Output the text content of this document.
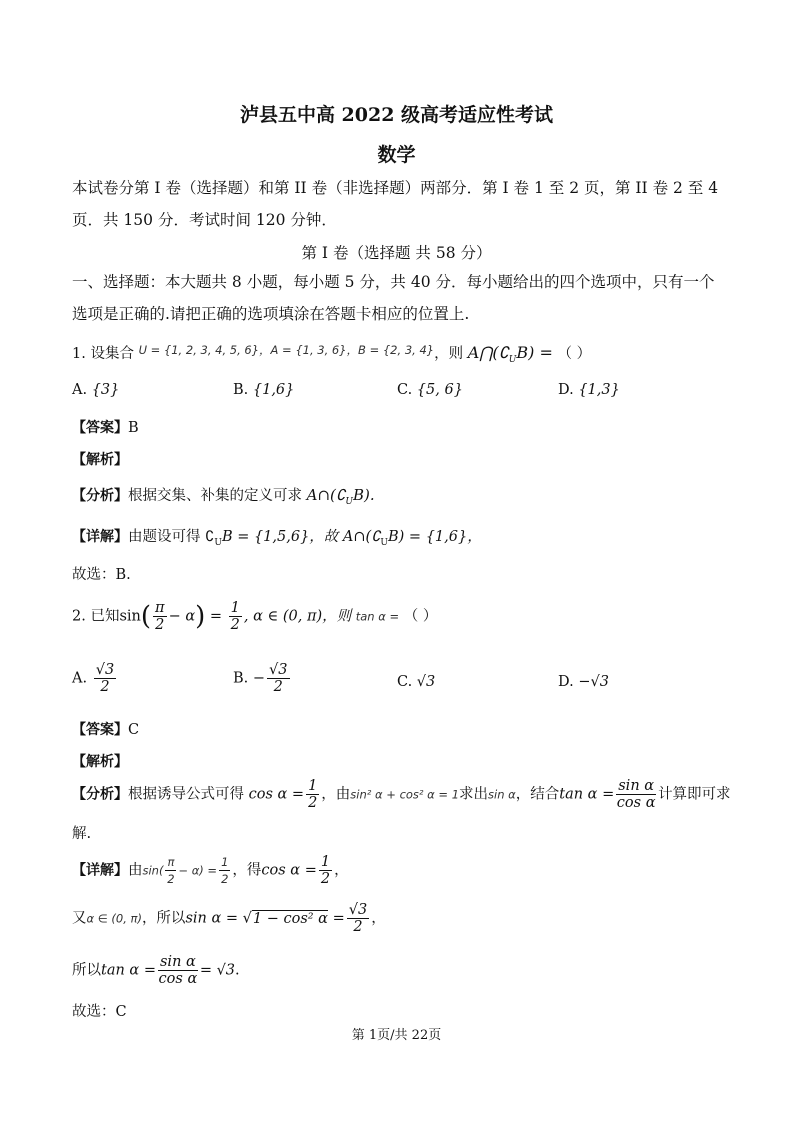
泸县五中高 2022 级高考适应性考试
数学
本试卷分第 I 卷（选择题）和第 II 卷（非选择题）两部分．第 I 卷 1 至 2 页，第 II 卷 2 至 4 页．共 150 分．考试时间 120 分钟．
第 I 卷（选择题 共 58 分）
一、选择题：本大题共 8 小题，每小题 5 分，共 40 分．每小题给出的四个选项中，只有一个选项是正确的.请把正确的选项填涂在答题卡相应的位置上.
1. 设集合 $^{U = \{1, 2, 3, 4, 5, 6\},A = \{1, 3, 6\},B = \{2, 3, 4\}}$，则 $A⋂(∁_UB)$ = （ ）
A. {3}	B. {1,6}	C. {5, 6}	D. {1,3}
【答案】B
【解析】
【分析】根据交集、补集的定义可求 $A\cap(∁_UB)$.
【详解】由题设可得 $∁_UB = \{1,5,6\}$，故 $A\cap(∁_UB) = \{1,6\}$，
故选：B.
2. 已知$\sin( \frac{\pi}{2} - \alpha) = \frac{1}{2}$ , α ∈ (0, π)，则 tan α = （ ）
A. $\frac{√3}{2}$	B. − $\frac{√3}{2}$	C. √3	D. −√3
【答案】C
【解析】
【分析】根据诱导公式可得 $\cos \alpha = \frac{1}{2}$ ，由sin² α + cos² α = 1求出sin α，结合$\tan \alpha = \frac{\text{sin α}}{\text{cos α}}$ 计算即可求
解.
【详解】由$\sin( \frac{\pi}{2} - \alpha) = \frac{1}{2}$ ，得$\cos \alpha = \frac{1}{2}$ ，
又α ∈ (0, π)，所以sin α = √1 − cos² $\alpha = \frac{√3}{2}$ ，
所以$\tan \alpha = \frac{\text{sin α}}{\text{cos α}} = √3$.
故选：C
第 1页/共 22页
